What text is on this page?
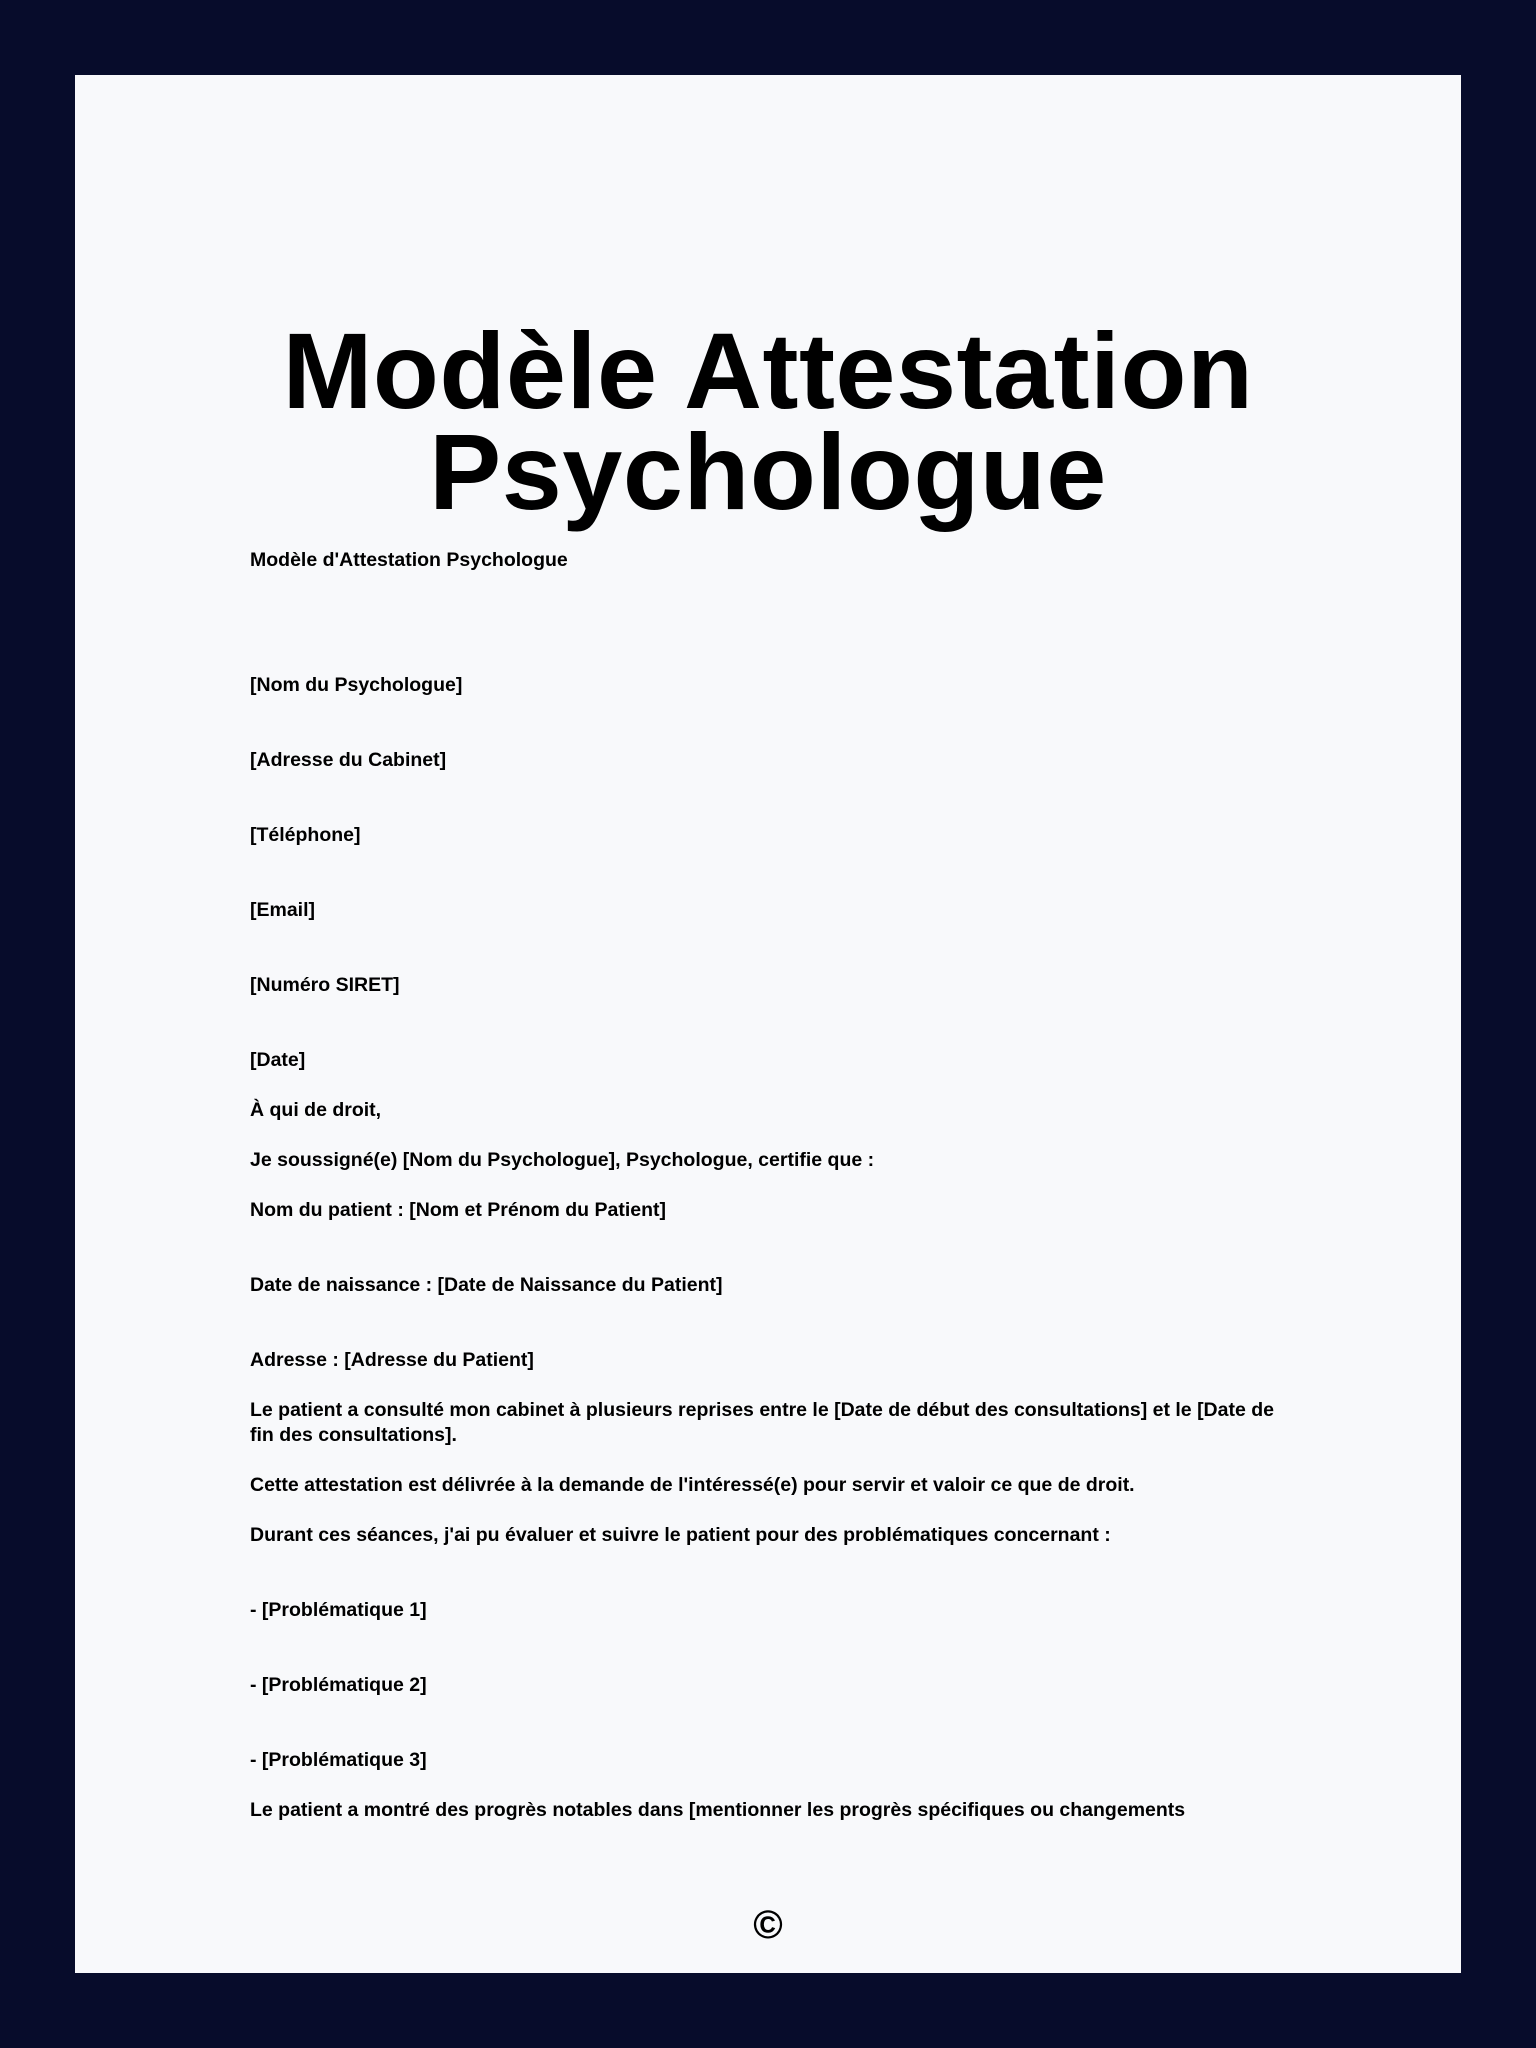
Modèle Attestation
Psychologue

Modèle d'Attestation Psychologue

[Nom du Psychologue]

[Adresse du Cabinet]

[Téléphone]

[Email]

[Numéro SIRET]

[Date]

À qui de droit,

Je soussigné(e) [Nom du Psychologue], Psychologue, certifie que :

Nom du patient : [Nom et Prénom du Patient]

Date de naissance : [Date de Naissance du Patient]

Adresse : [Adresse du Patient]

Le patient a consulté mon cabinet à plusieurs reprises entre le [Date de début des consultations] et le [Date de fin des consultations].

Cette attestation est délivrée à la demande de l'intéressé(e) pour servir et valoir ce que de droit.

Durant ces séances, j'ai pu évaluer et suivre le patient pour des problématiques concernant :

- [Problématique 1]

- [Problématique 2]

- [Problématique 3]

Le patient a montré des progrès notables dans [mentionner les progrès spécifiques ou changements

©
